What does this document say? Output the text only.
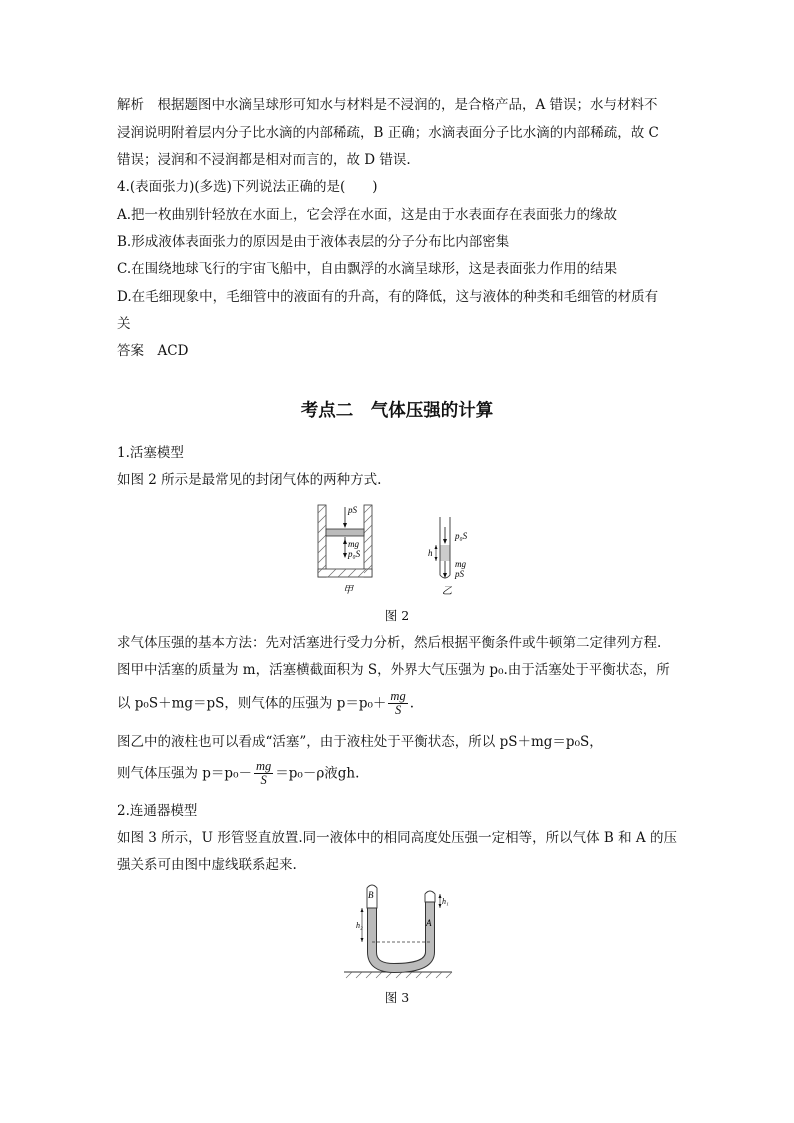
解析　根据题图中水滴呈球形可知水与材料是不浸润的，是合格产品，A 错误；水与材料不
浸润说明附着层内分子比水滴的内部稀疏，B 正确；水滴表面分子比水滴的内部稀疏，故 C
错误；浸润和不浸润都是相对而言的，故 D 错误.
4.(表面张力)(多选)下列说法正确的是(　　)
A.把一枚曲别针轻放在水面上，它会浮在水面，这是由于水表面存在表面张力的缘故
B.形成液体表面张力的原因是由于液体表层的分子分布比内部密集
C.在围绕地球飞行的宇宙飞船中，自由飘浮的水滴呈球形，这是表面张力作用的结果
D.在毛细现象中，毛细管中的液面有的升高，有的降低，这与液体的种类和毛细管的材质有
关
答案　ACD
考点二　气体压强的计算
1.活塞模型
如图 2 所示是最常见的封闭气体的两种方式.
pS
mg
p₀S
甲
h
p₀S
mg
pS
乙
图 2
求气体压强的基本方法：先对活塞进行受力分析，然后根据平衡条件或牛顿第二定律列方程.
图甲中活塞的质量为 m，活塞横截面积为 S，外界大气压强为 p₀.由于活塞处于平衡状态，所
以 p₀S＋mg＝pS，则气体的压强为 $p=p_0+ \frac{mg}{S}$ .
图乙中的液柱也可以看成“活塞”，由于液柱处于平衡状态，所以 pS＋mg＝p₀S，
则气体压强为 $p=p_0- \frac{mg}{S} =p_0-\rho$液gh.
2.连通器模型
如图 3 所示，U 形管竖直放置.同一液体中的相同高度处压强一定相等，所以气体 B 和 A 的压
强关系可由图中虚线联系起来.
h₂
h₁
B
A
图 3
